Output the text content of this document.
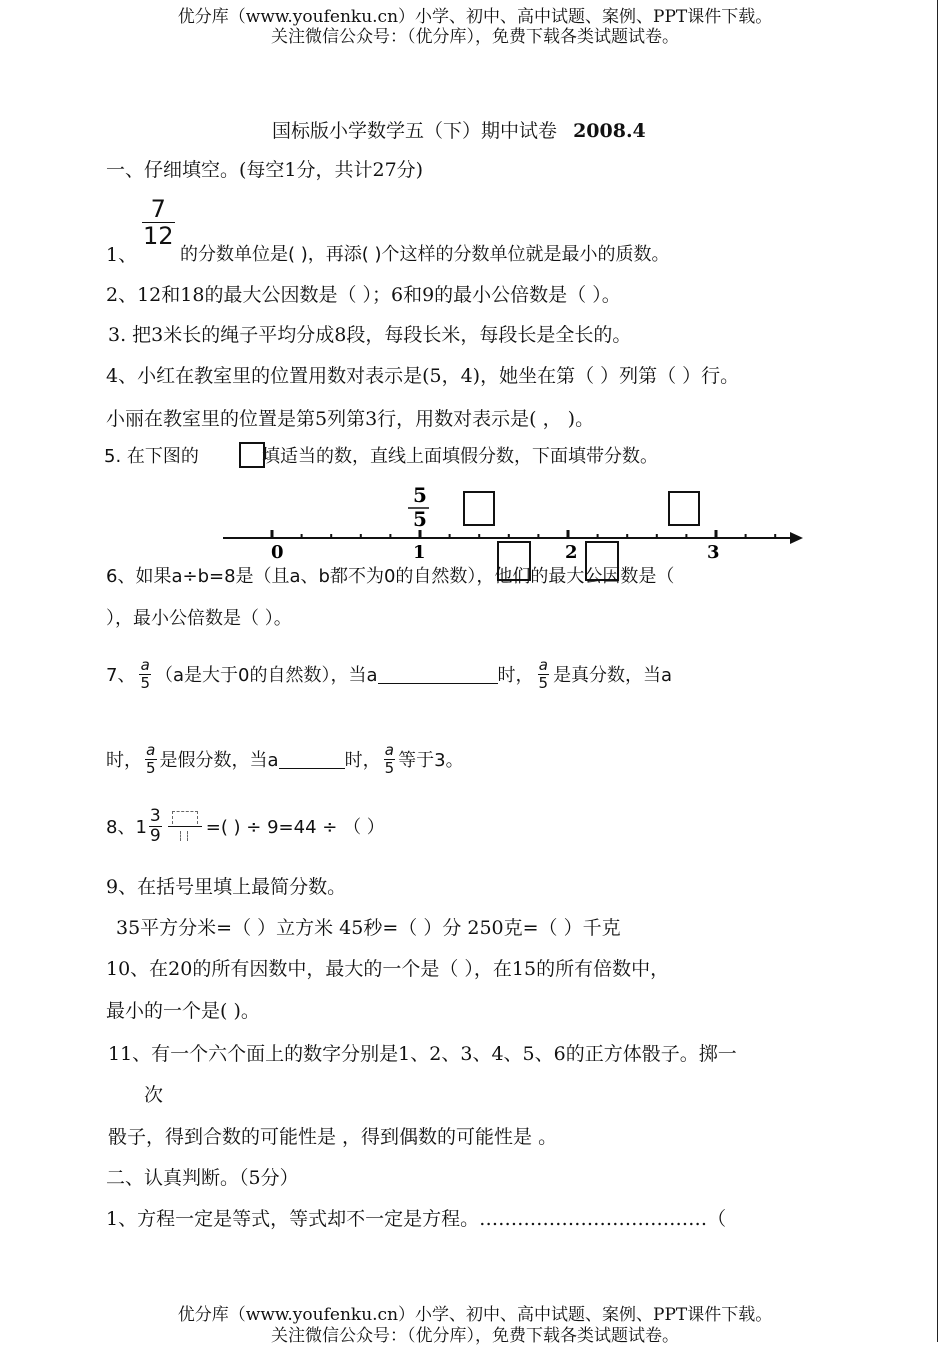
优分库（www.youfenku.cn）小学、初中、高中试题、案例、PPT课件下载。
关注微信公众号：（优分库），免费下载各类试题试卷。
国标版小学数学五（下）期中试卷 2008.4
一、仔细填空。(每空1分，共计27分)
$\frac{7}{12}$
1、 的分数单位是( )，再添( )个这样的分数单位就是最小的质数。
2、12和18的最大公因数是（ ）；6和9的最小公倍数是（ ）。
3. 把3米长的绳子平均分成8段，每段长米，每段长是全长的。
4、小红在教室里的位置用数对表示是(5，4)，她坐在第（ ）列第（ ）行。
小丽在教室里的位置是第5列第3行，用数对表示是( ， )。
5. 在下图的	填适当的数，直线上面填假分数，下面填带分数。
0	1	2	3
5
5
6、如果a÷b=8是（且a、b都不为0的自然数），他们的最大公因数是（
），最小公倍数是（ ）。
7、 $\frac{a}{5} (a$是大于0的自然数），当a	时， $\frac{a}{5}$ 是真分数，当a
时， $\frac{a}{5}$ 是假分数，当a	时， $\frac{a}{5}$ 等于3。
8、$1 \frac{3}{9}$ =( ) ÷ 9=44 ÷ （ ）
9、在括号里填上最简分数。
35平方分米=（ ）立方米 45秒=（ ）分 250克=（ ）千克
10、在20的所有因数中，最大的一个是（ ），在15的所有倍数中，
最小的一个是( )。
11、有一个六个面上的数字分别是1、2、3、4、5、6的正方体骰子。掷一
次
骰子，得到合数的可能性是 ，得到偶数的可能性是 。
二、认真判断。（5分）
1、方程一定是等式，等式却不一定是方程。………………………………（
优分库（www.youfenku.cn）小学、初中、高中试题、案例、PPT课件下载。
关注微信公众号：（优分库），免费下载各类试题试卷。
